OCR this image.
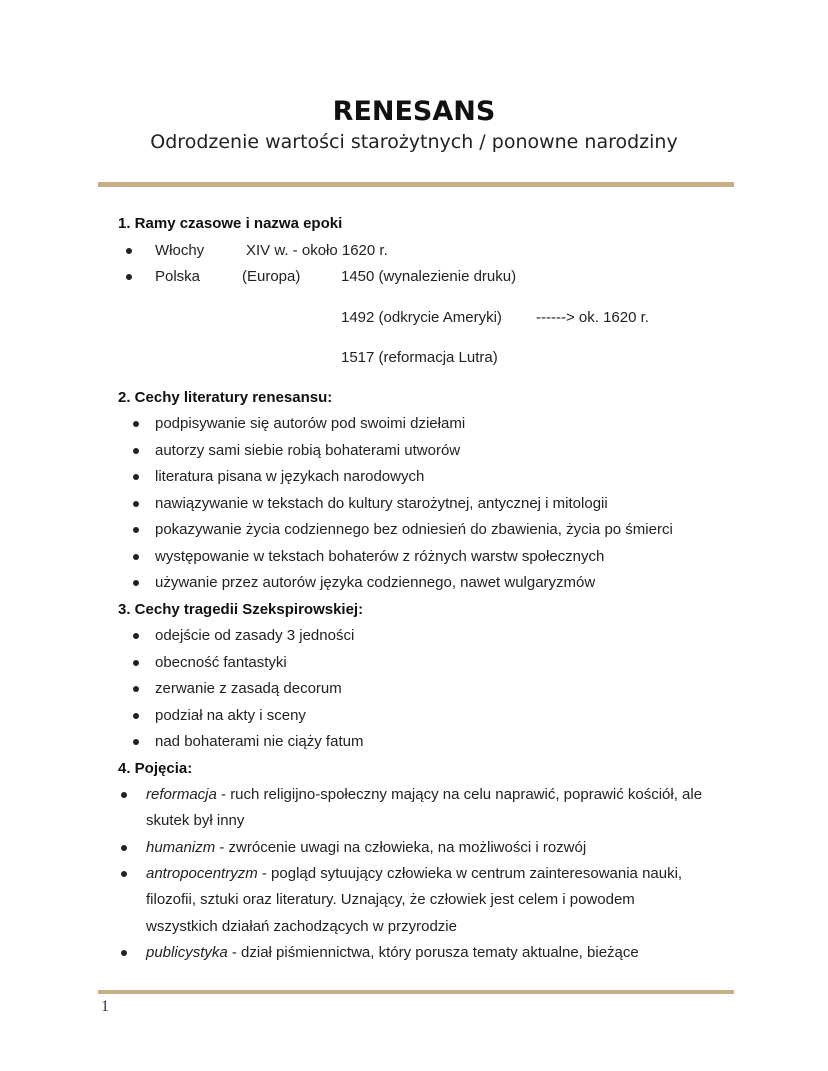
RENESANS
Odrodzenie wartości starożytnych / ponowne narodziny
1. Ramy czasowe i nazwa epoki
Włochy	XIV w. - około 1620 r.
Polska	(Europa)	1450 (wynalezienie druku)
1492 (odkrycie Ameryki) ------> ok. 1620 r.
1517 (reformacja Lutra)
2. Cechy literatury renesansu:
podpisywanie się autorów pod swoimi dziełami
autorzy sami siebie robią bohaterami utworów
literatura pisana w językach narodowych
nawiązywanie w tekstach do kultury starożytnej, antycznej i mitologii
pokazywanie życia codziennego bez odniesień do zbawienia, życia po śmierci
występowanie w tekstach bohaterów z różnych warstw społecznych
używanie przez autorów języka codziennego, nawet wulgaryzmów
3. Cechy tragedii Szekspirowskiej:
odejście od zasady 3 jedności
obecność fantastyki
zerwanie z zasadą decorum
podział na akty i sceny
nad bohaterami nie ciąży fatum
4. Pojęcia:
reformacja - ruch religijno-społeczny mający na celu naprawić, poprawić kościół, ale
skutek był inny
humanizm - zwrócenie uwagi na człowieka, na możliwości i rozwój
antropocentryzm - pogląd sytuujący człowieka w centrum zainteresowania nauki,
filozofii, sztuki oraz literatury. Uznający, że człowiek jest celem i powodem
wszystkich działań zachodzących w przyrodzie
publicystyka - dział piśmiennictwa, który porusza tematy aktualne, bieżące
1
